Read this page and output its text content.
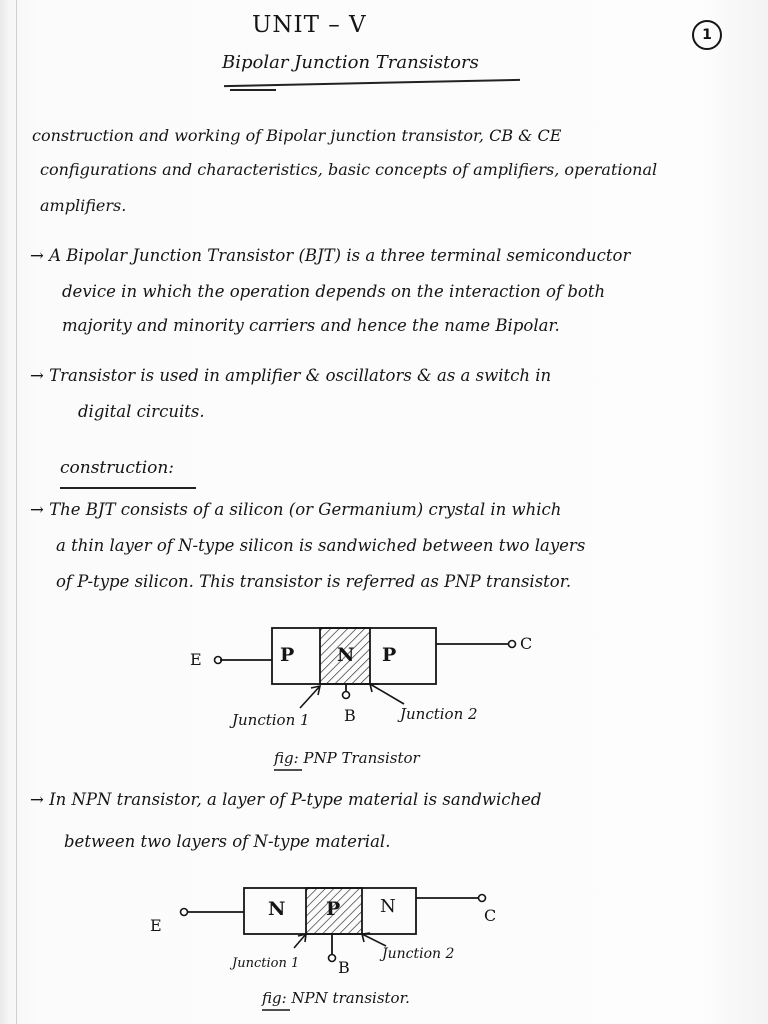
UNIT – Ⅴ	1
Bipolar Junction Transistors
construction and working of Bipolar junction transistor, CB & CE
configurations and characteristics, basic concepts of amplifiers, operational
amplifiers.
→ A Bipolar Junction Transistor (BJT) is a three terminal semiconductor
device in which the operation depends on the interaction of both
majority and minority carriers and hence the name Bipolar.
→ Transistor is used in amplifier & oscillators & as a switch in
digital circuits.
construction:
→ The BJT consists of a silicon (or Germanium) crystal in which
a thin layer of N-type silicon is sandwiched between two layers
of P-type silicon. This transistor is referred as PNP transistor.
E
C
P N P
B
Junction 1	Junction 2
fig: PNP Transistor
→ In NPN transistor, a layer of P-type material is sandwiched
between two layers of N-type material.
E
C
N P N
B
Junction 1
Junction 2
fig: NPN transistor.
